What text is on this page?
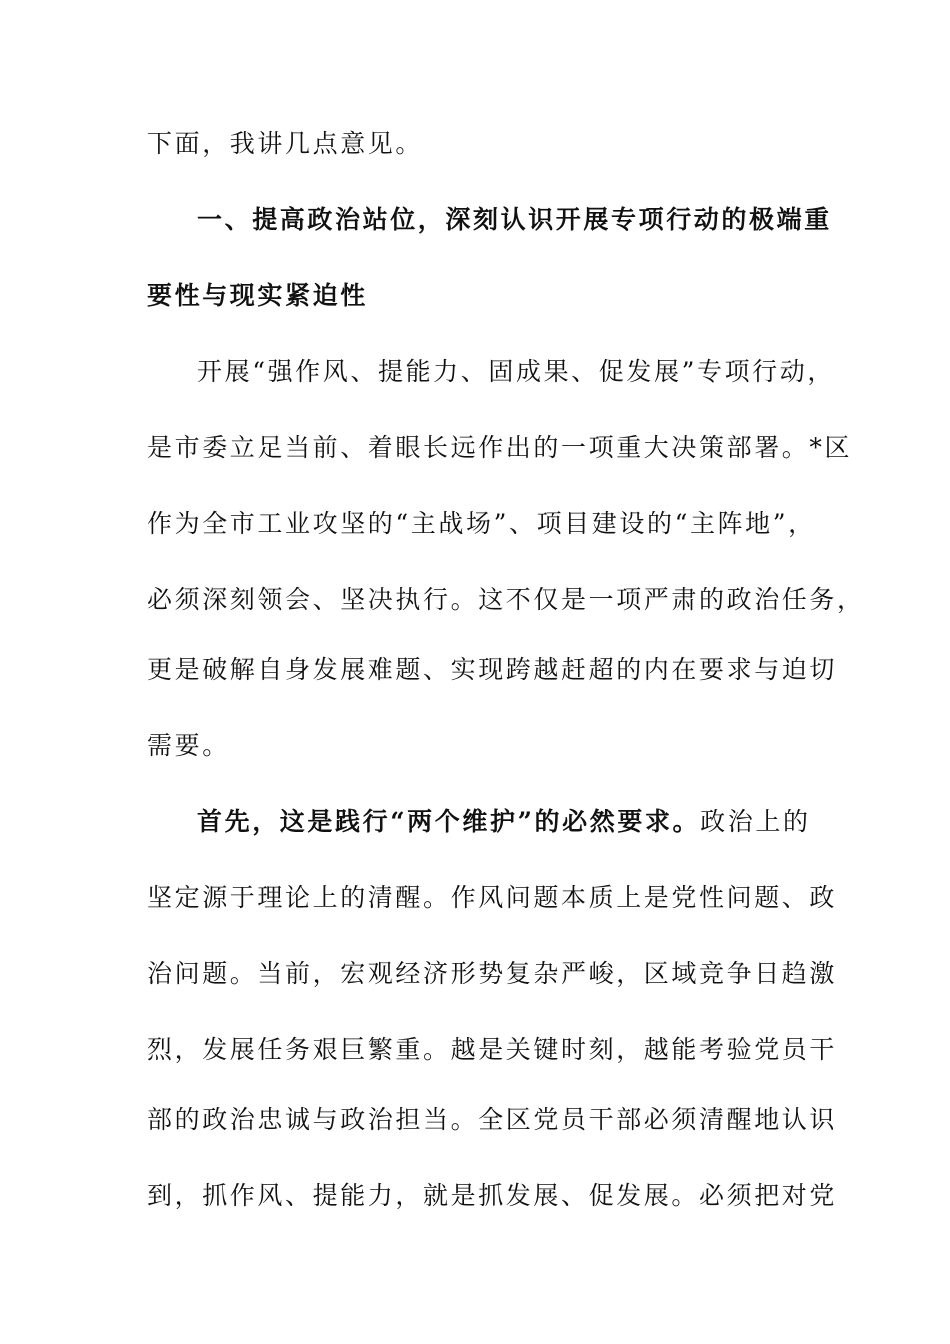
下面，我讲几点意见。
一、提高政治站位，深刻认识开展专项行动的极端重
要性与现实紧迫性
开展“强作风、提能力、固成果、促发展”专项行动，
是市委立足当前、着眼长远作出的一项重大决策部署。*区
作为全市工业攻坚的“主战场”、项目建设的“主阵地”，
必须深刻领会、坚决执行。这不仅是一项严肃的政治任务，
更是破解自身发展难题、实现跨越赶超的内在要求与迫切
需要。
首先，这是践行“两个维护”的必然要求。政治上的
坚定源于理论上的清醒。作风问题本质上是党性问题、政
治问题。当前，宏观经济形势复杂严峻，区域竞争日趋激
烈，发展任务艰巨繁重。越是关键时刻，越能考验党员干
部的政治忠诚与政治担当。全区党员干部必须清醒地认识
到，抓作风、提能力，就是抓发展、促发展。必须把对党
